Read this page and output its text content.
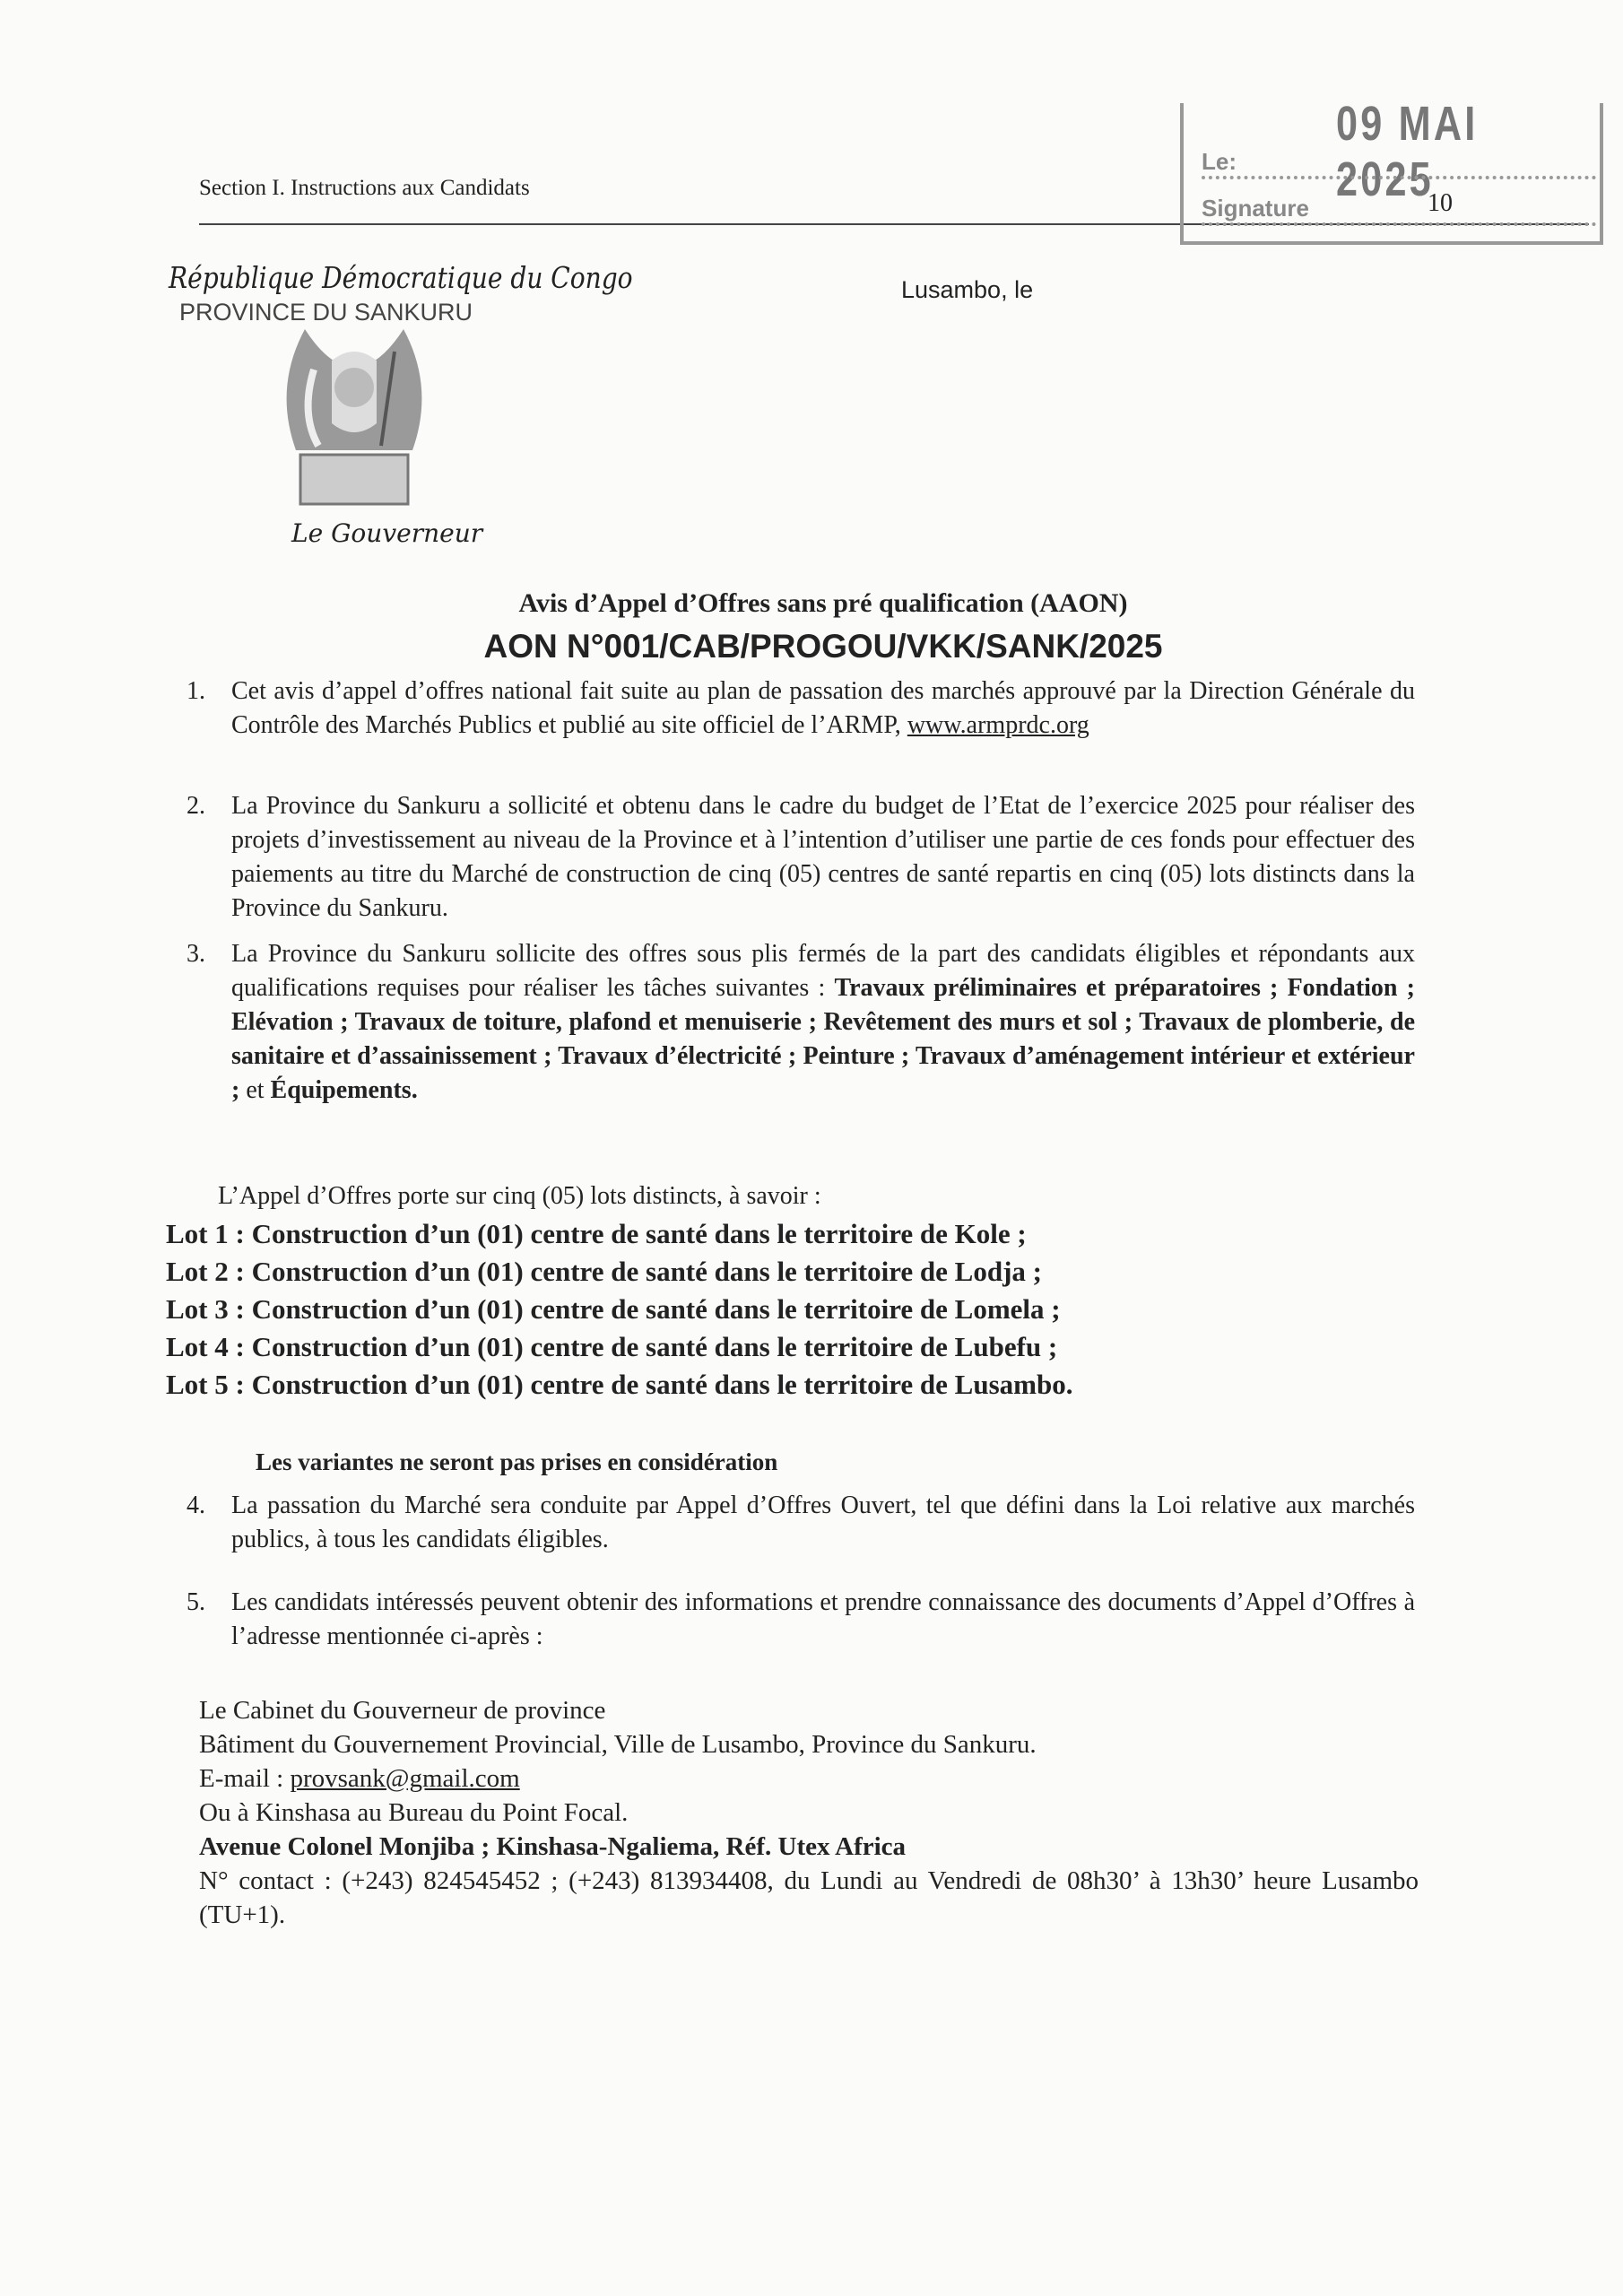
Section I. Instructions aux Candidats
09 MAI 2025
Le:
Signature	10
République Démocratique du Congo
PROVINCE DU SANKURU
Lusambo, le
Le Gouverneur
Avis d’Appel d’Offres sans pré qualification (AAON)
AON N°001/CAB/PROGOU/VKK/SANK/2025
1. Cet avis d’appel d’offres national fait suite au plan de passation des marchés approuvé par la Direction Générale du Contrôle des Marchés Publics et publié au site officiel de l’ARMP, www.armprdc.org
2. La Province du Sankuru a sollicité et obtenu dans le cadre du budget de l’Etat de l’exercice 2025 pour réaliser des projets d’investissement au niveau de la Province et à l’intention d’utiliser une partie de ces fonds pour effectuer des paiements au titre du Marché de construction de cinq (05) centres de santé repartis en cinq (05) lots distincts dans la Province du Sankuru.
3. La Province du Sankuru sollicite des offres sous plis fermés de la part des candidats éligibles et répondants aux qualifications requises pour réaliser les tâches suivantes : Travaux préliminaires et préparatoires ; Fondation ; Elévation ; Travaux de toiture, plafond et menuiserie ; Revêtement des murs et sol ; Travaux de plomberie, de sanitaire et d’assainissement ; Travaux d’électricité ; Peinture ; Travaux d’aménagement intérieur et extérieur ; et Équipements.
L’Appel d’Offres porte sur cinq (05) lots distincts, à savoir :
Lot 1 : Construction d’un (01) centre de santé dans le territoire de Kole ;
Lot 2 : Construction d’un (01) centre de santé dans le territoire de Lodja ;
Lot 3 : Construction d’un (01) centre de santé dans le territoire de Lomela ;
Lot 4 : Construction d’un (01) centre de santé dans le territoire de Lubefu ;
Lot 5 : Construction d’un (01) centre de santé dans le territoire de Lusambo.
Les variantes ne seront pas prises en considération
4. La passation du Marché sera conduite par Appel d’Offres Ouvert, tel que défini dans la Loi relative aux marchés publics, à tous les candidats éligibles.
5. Les candidats intéressés peuvent obtenir des informations et prendre connaissance des documents d’Appel d’Offres à l’adresse mentionnée ci-après :
Le Cabinet du Gouverneur de province
Bâtiment du Gouvernement Provincial, Ville de Lusambo, Province du Sankuru.
E-mail : provsank@gmail.com
Ou à Kinshasa au Bureau du Point Focal.
Avenue Colonel Monjiba ; Kinshasa-Ngaliema, Réf. Utex Africa
N° contact : (+243) 824545452 ; (+243) 813934408, du Lundi au Vendredi de 08h30’ à 13h30’ heure Lusambo (TU+1).
